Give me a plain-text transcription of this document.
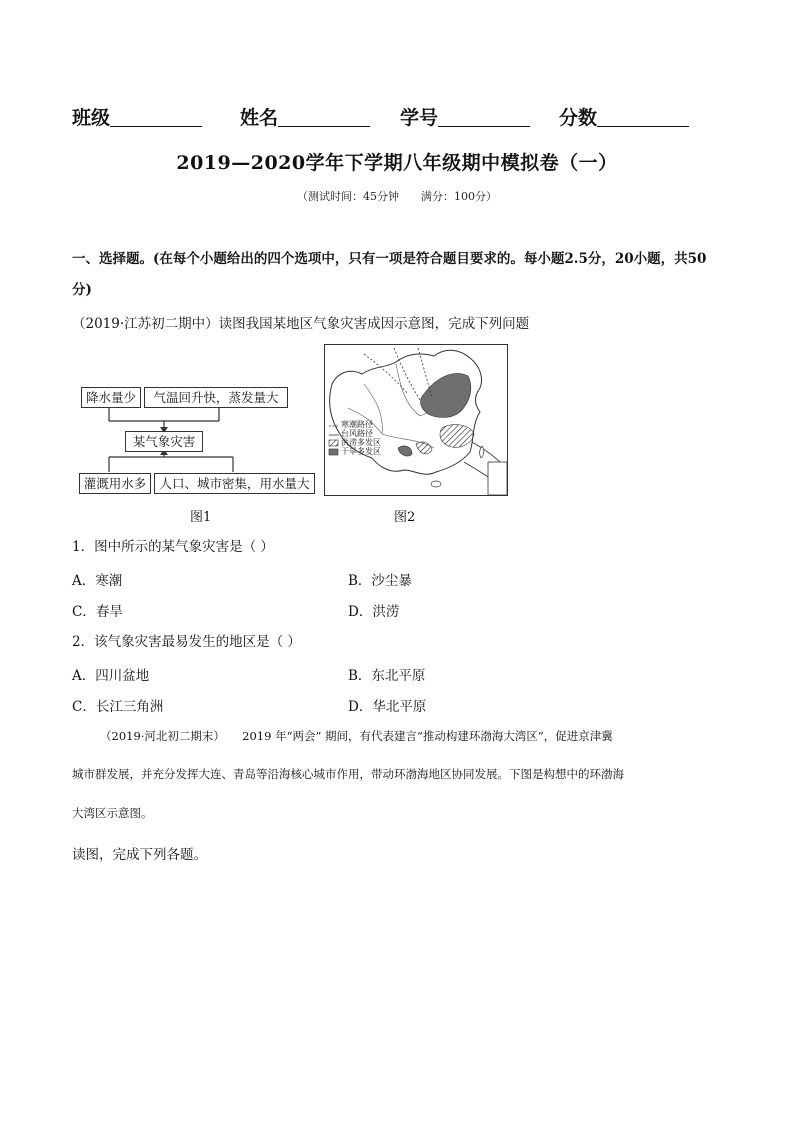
班级	姓名	学号	分数
2019—2020学年下学期八年级期中模拟卷（一）
（测试时间：45分钟　　满分：100分）
一、选择题。(在每个小题给出的四个选项中，只有一项是符合题目要求的。每小题2.5分，20小题，共50
分)
（2019·江苏初二期中）读图我国某地区气象灾害成因示意图，完成下列问题
降水量少	气温回升快，蒸发量大
某气象灾害
灌溉用水多	人口、城市密集，用水量大
图1
寒潮路径
台风路径
洪涝多发区
干旱多发区
图2
1．图中所示的某气象灾害是（ ）
A．寒潮	B．沙尘暴
C．春旱	D．洪涝
2．该气象灾害最易发生的地区是（ ）
A．四川盆地	B．东北平原
C．长江三角洲	D．华北平原
（2019·河北初二期末）　　2019 年“两会” 期间，有代表建言“推动构建环渤海大湾区”，促进京津冀
城市群发展，并充分发挥大连、青岛等沿海核心城市作用，带动环渤海地区协同发展。下图是构想中的环渤海
大湾区示意图。
读图，完成下列各题。
